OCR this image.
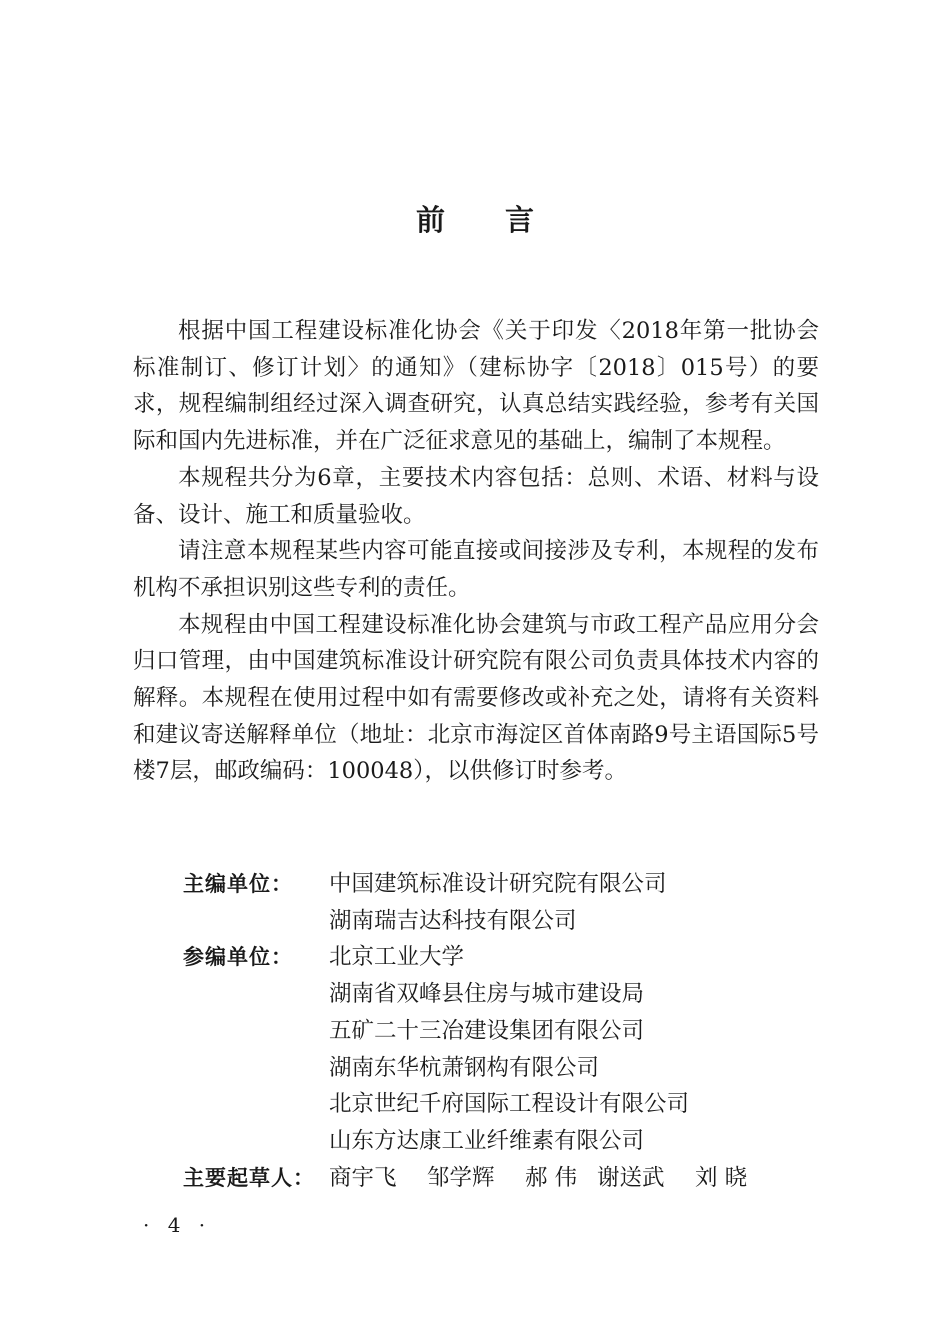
前言

根据中国工程建设标准化协会《关于印发〈2018年第一批协会标准制订、修订计划〉的通知》（建标协字〔2018〕015号）的要求，规程编制组经过深入调查研究，认真总结实践经验，参考有关国际和国内先进标准，并在广泛征求意见的基础上，编制了本规程。

本规程共分为6章，主要技术内容包括：总则、术语、材料与设备、设计、施工和质量验收。

请注意本规程某些内容可能直接或间接涉及专利，本规程的发布机构不承担识别这些专利的责任。

本规程由中国工程建设标准化协会建筑与市政工程产品应用分会归口管理，由中国建筑标准设计研究院有限公司负责具体技术内容的解释。本规程在使用过程中如有需要修改或补充之处，请将有关资料和建议寄送解释单位（地址：北京市海淀区首体南路9号主语国际5号楼7层，邮政编码：100048），以供修订时参考。

主编单位：	中国建筑标准设计研究院有限公司
湖南瑞吉达科技有限公司
参编单位：	北京工业大学
湖南省双峰县住房与城市建设局
五矿二十三冶建设集团有限公司
湖南东华杭萧钢构有限公司
北京世纪千府国际工程设计有限公司
山东方达康工业纤维素有限公司
主要起草人： 商宇飞	邹学辉	郝 伟 谢送武	刘 晓
· 4 ·
